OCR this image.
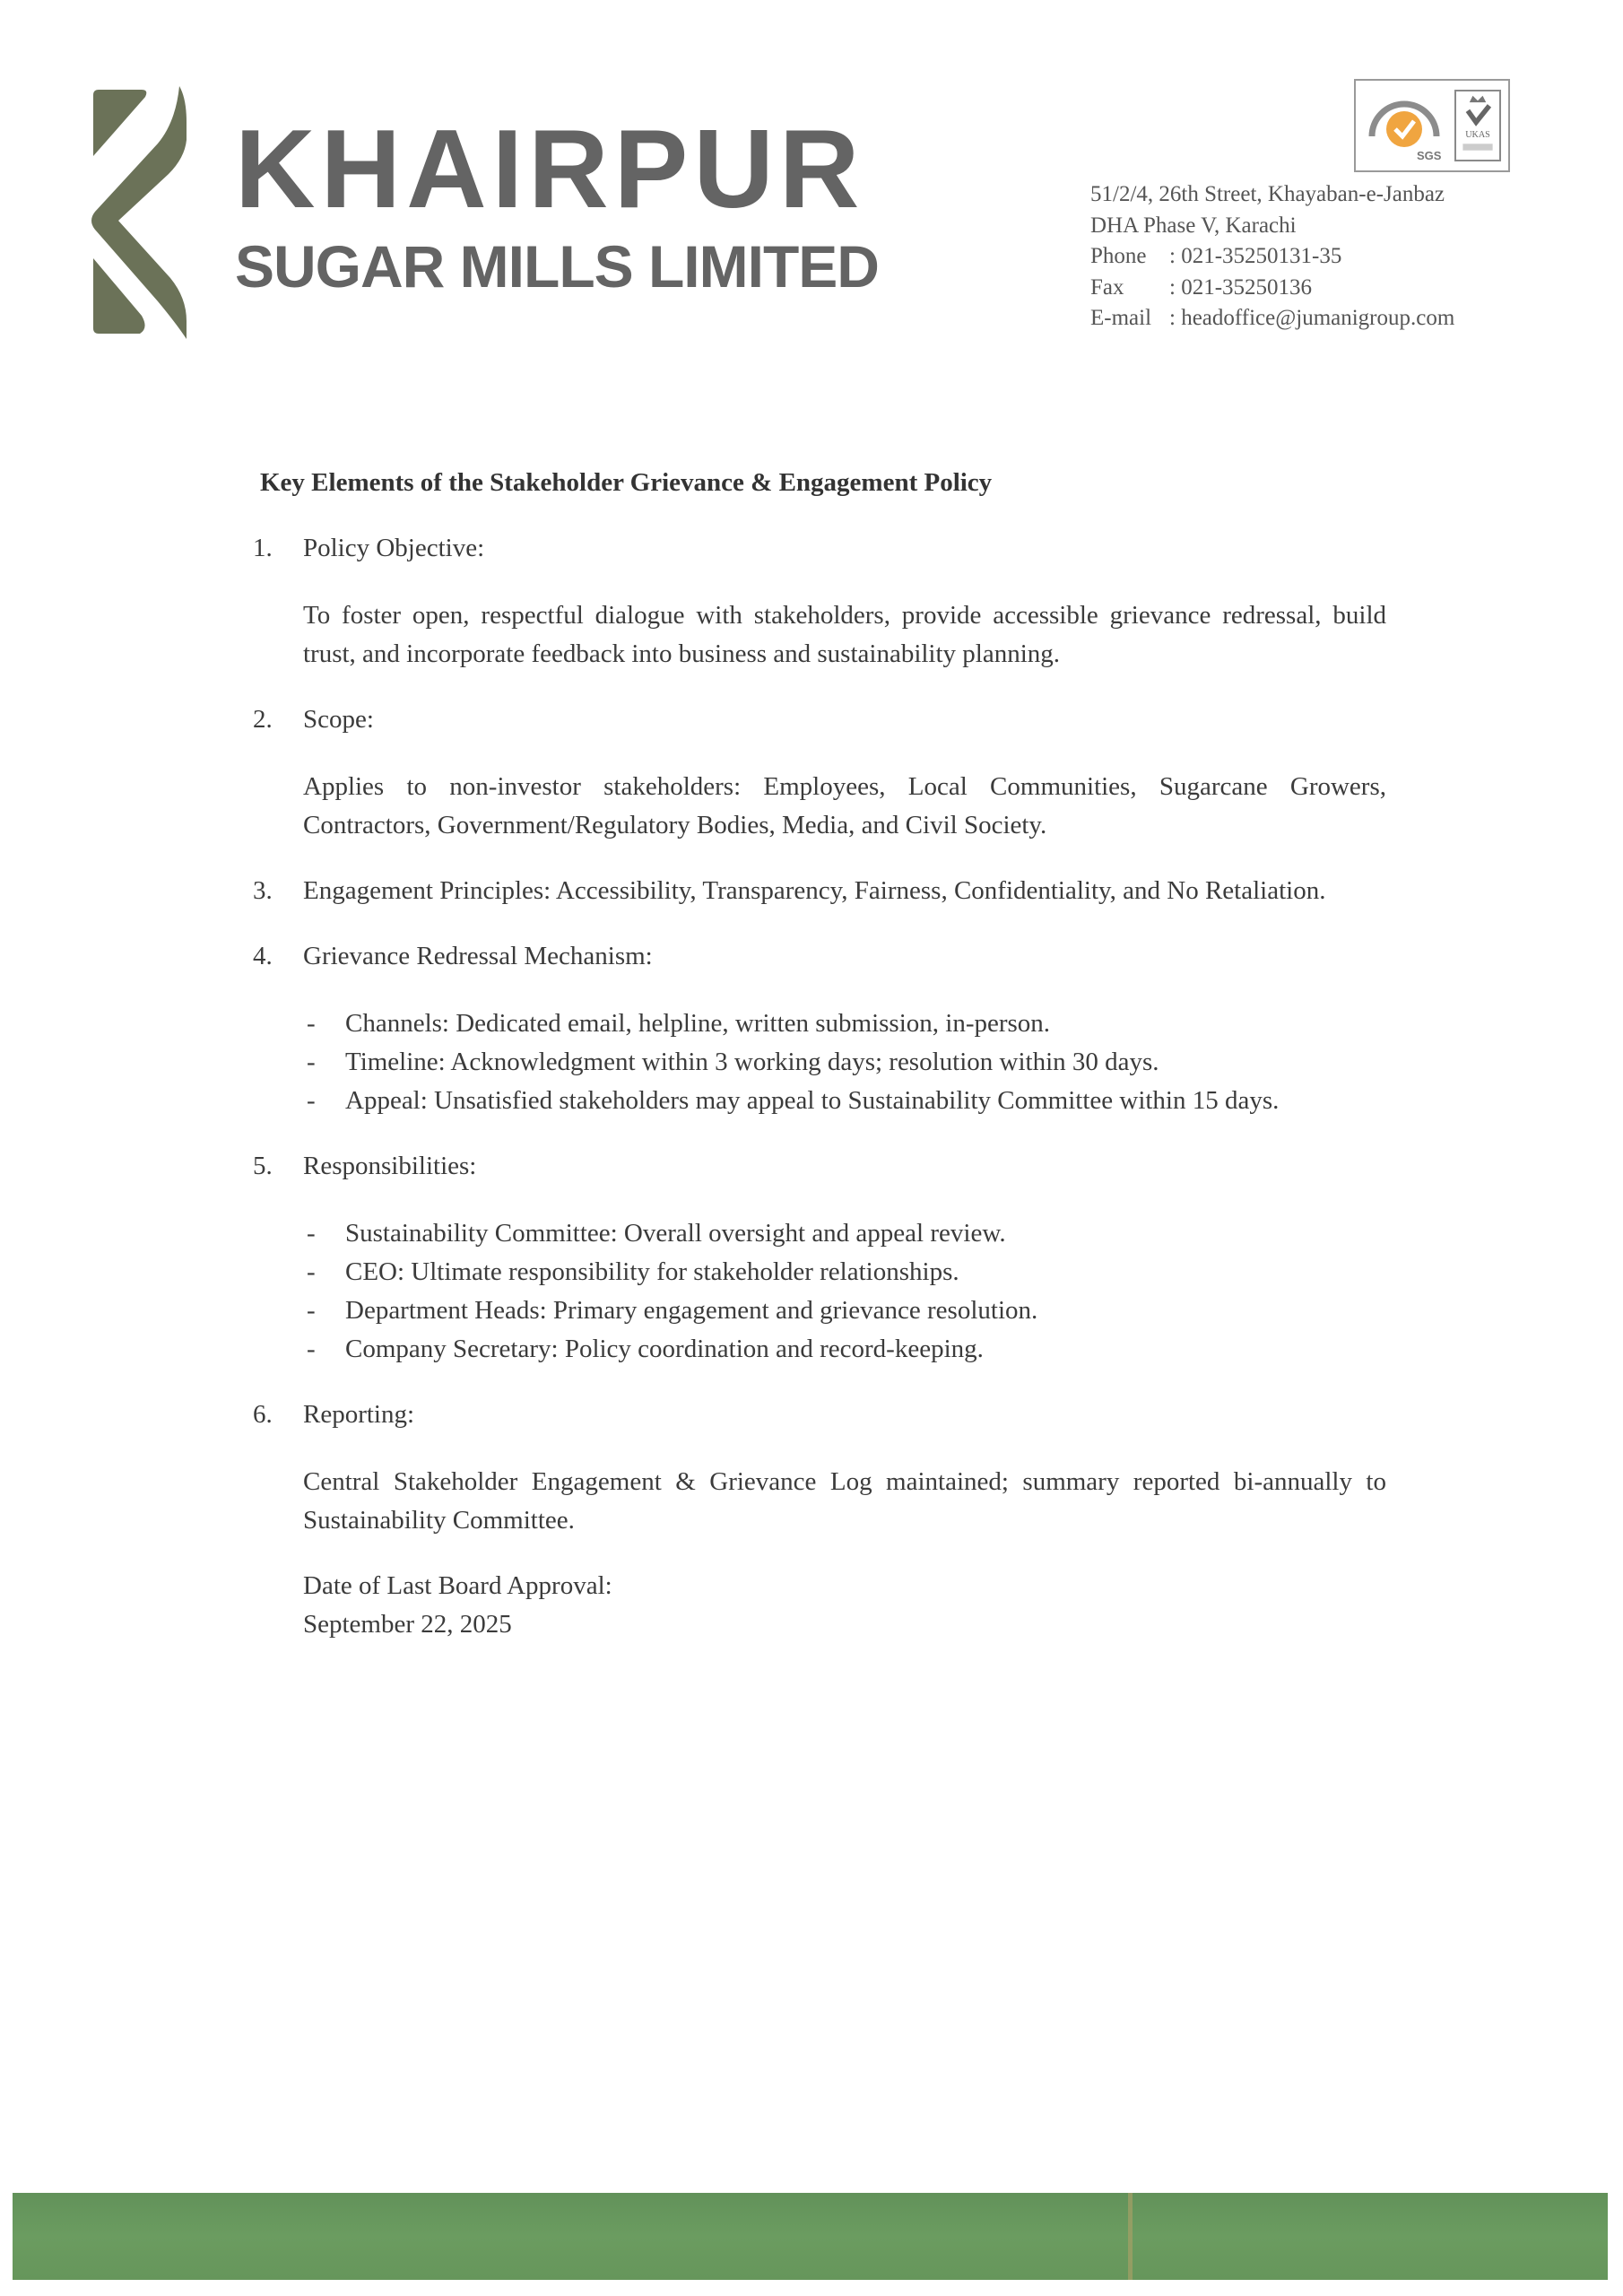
KHAIRPUR
SUGAR MILLS LIMITED
SGS
UKAS
51/2/4, 26th Street, Khayaban-e-Janbaz
DHA Phase V, Karachi
Phone : 021-35250131-35
Fax : 021-35250136
E-mail : headoffice@jumanigroup.com
Key Elements of the Stakeholder Grievance & Engagement Policy
1.	Policy Objective:
To foster open, respectful dialogue with stakeholders, provide accessible grievance redressal, build trust, and incorporate feedback into business and sustainability planning.
2.	Scope:
Applies to non-investor stakeholders: Employees, Local Communities, Sugarcane Growers, Contractors, Government/Regulatory Bodies, Media, and Civil Society.
3.	Engagement Principles: Accessibility, Transparency, Fairness, Confidentiality, and No Retaliation.
4.	Grievance Redressal Mechanism:
-	Channels: Dedicated email, helpline, written submission, in-person.
-	Timeline: Acknowledgment within 3 working days; resolution within 30 days.
-	Appeal: Unsatisfied stakeholders may appeal to Sustainability Committee within 15 days.
5.	Responsibilities:
-	Sustainability Committee: Overall oversight and appeal review.
-	CEO: Ultimate responsibility for stakeholder relationships.
-	Department Heads: Primary engagement and grievance resolution.
-	Company Secretary: Policy coordination and record-keeping.
6.	Reporting:
Central Stakeholder Engagement & Grievance Log maintained; summary reported bi-annually to Sustainability Committee.
Date of Last Board Approval:
September 22, 2025
